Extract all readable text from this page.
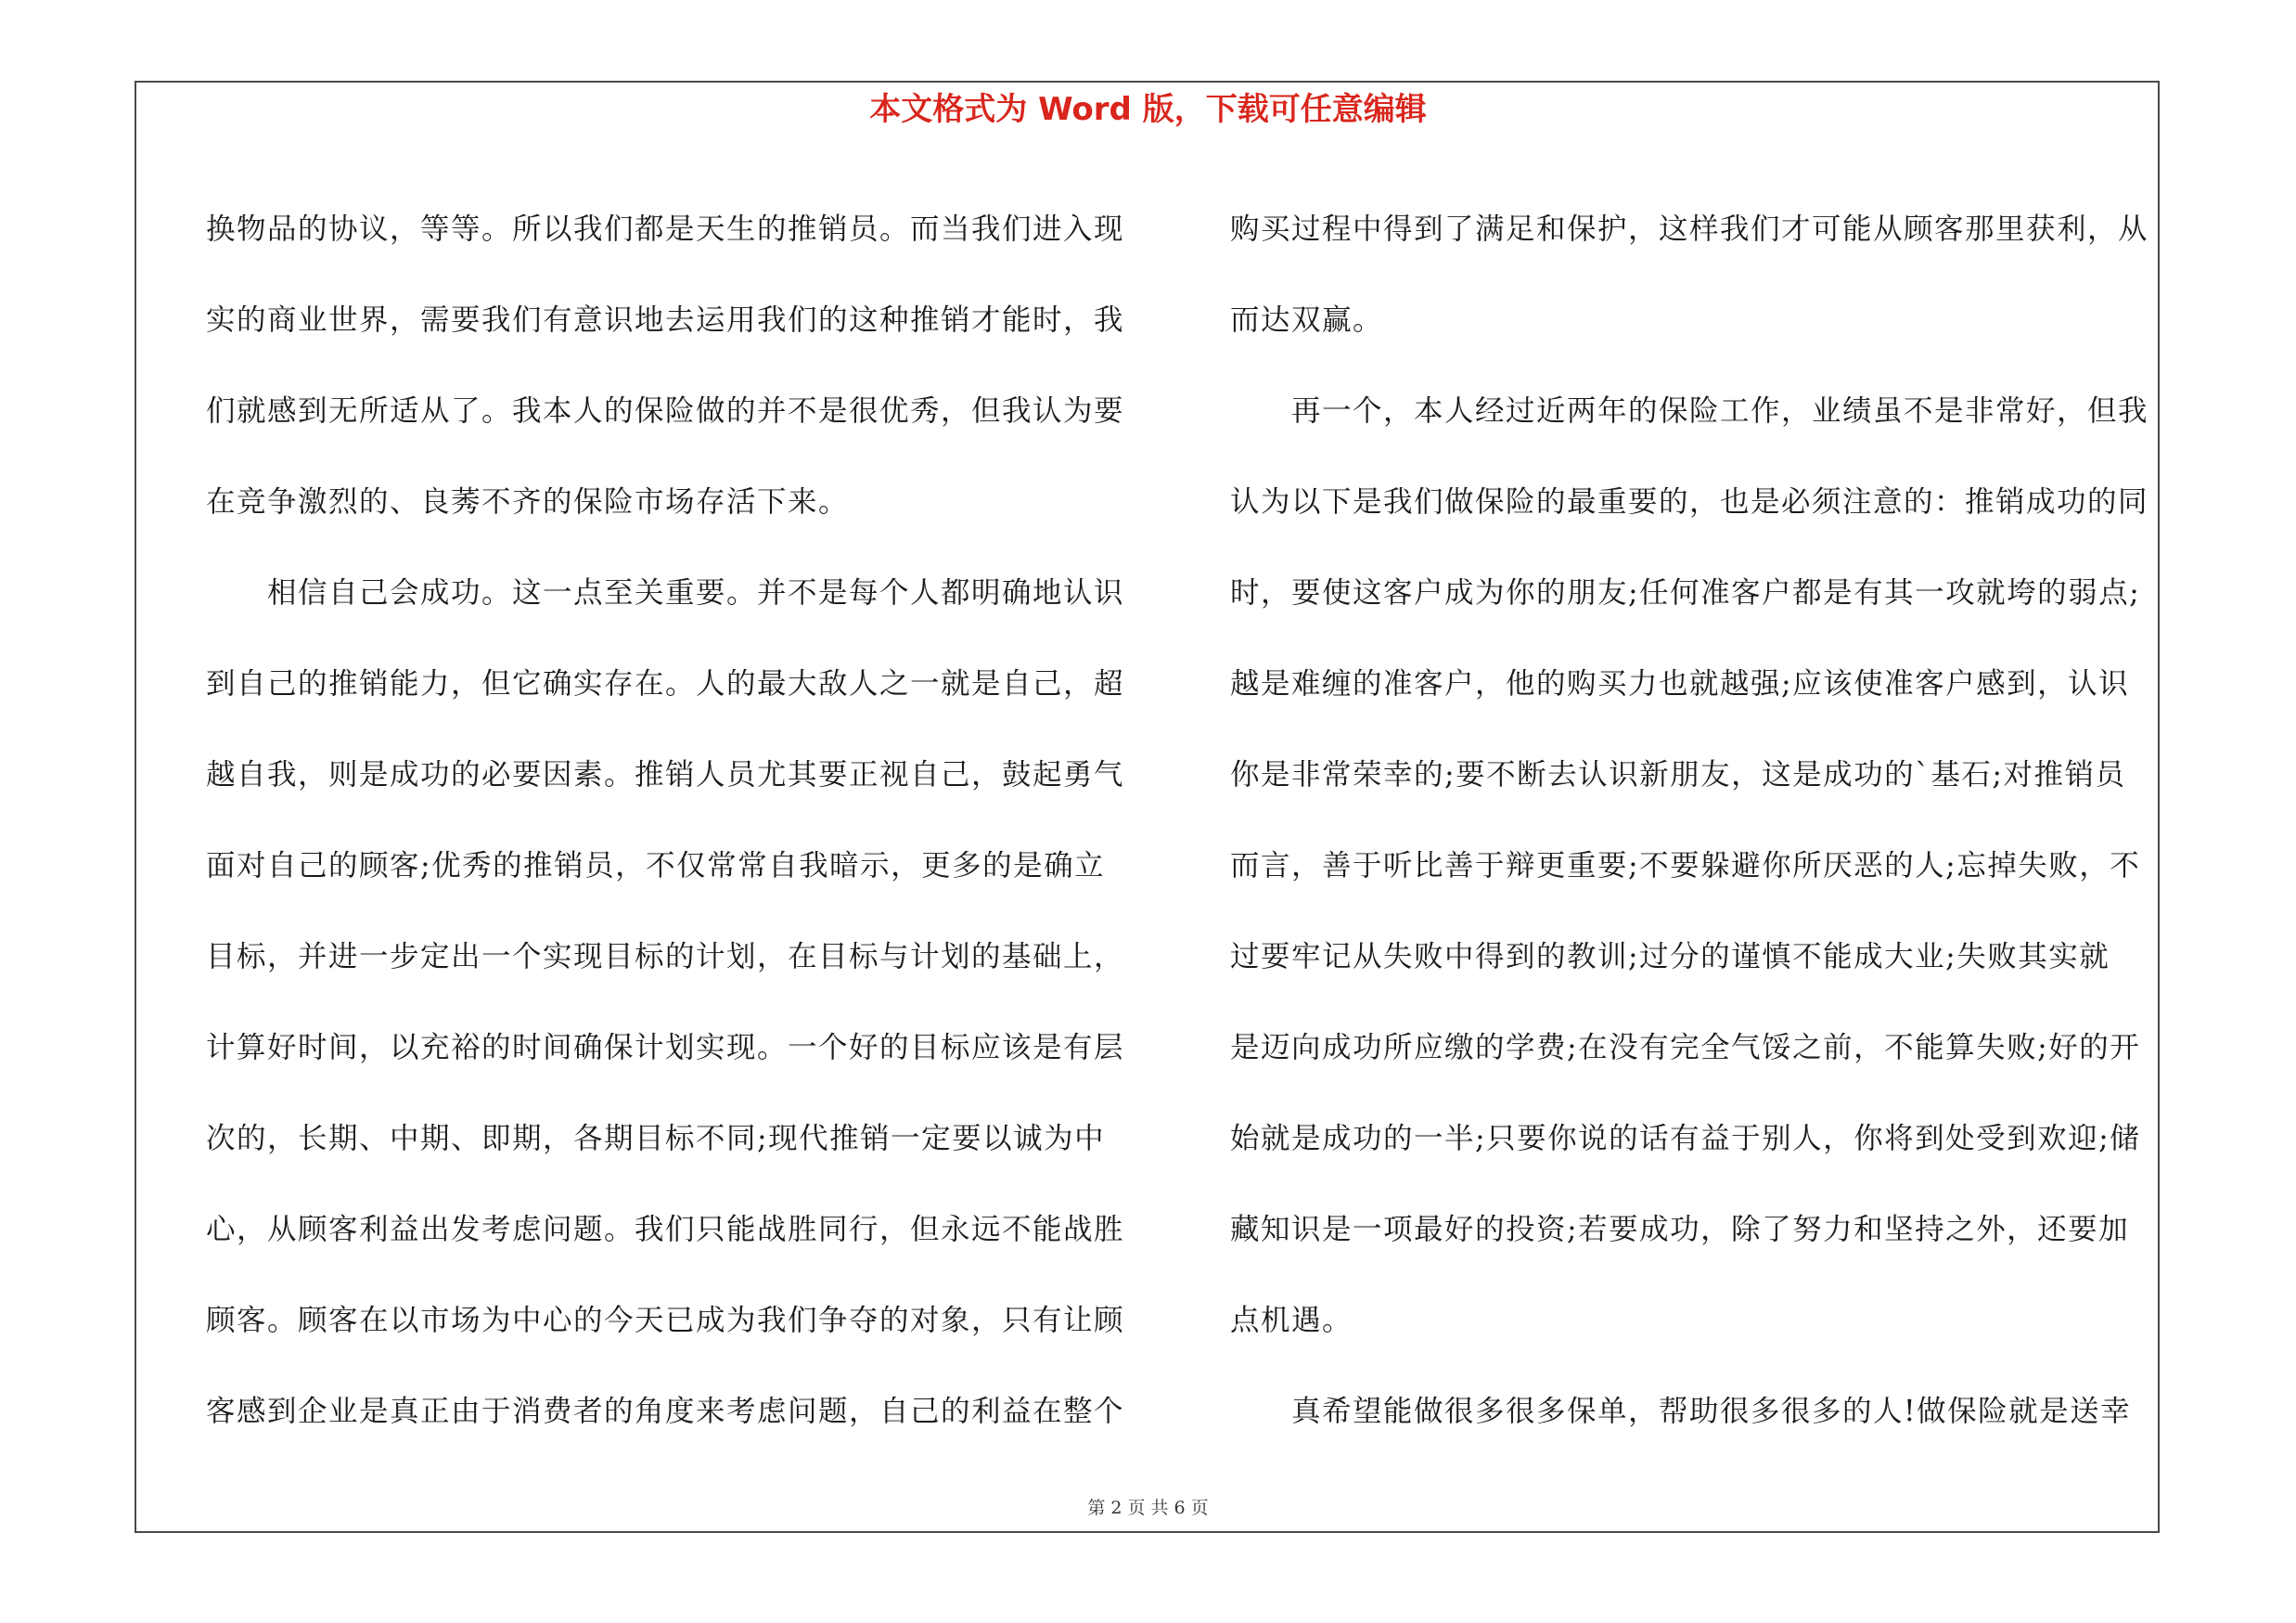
本文格式为 Word 版，下载可任意编辑
换物品的协议，等等。所以我们都是天生的推销员。而当我们进入现
实的商业世界，需要我们有意识地去运用我们的这种推销才能时，我
们就感到无所适从了。我本人的保险做的并不是很优秀，但我认为要
在竞争激烈的、良莠不齐的保险市场存活下来。
　　相信自己会成功。这一点至关重要。并不是每个人都明确地认识
到自己的推销能力，但它确实存在。人的最大敌人之一就是自己，超
越自我，则是成功的必要因素。推销人员尤其要正视自己，鼓起勇气
面对自己的顾客;优秀的推销员，不仅常常自我暗示，更多的是确立
目标，并进一步定出一个实现目标的计划，在目标与计划的基础上，
计算好时间，以充裕的时间确保计划实现。一个好的目标应该是有层
次的，长期、中期、即期，各期目标不同;现代推销一定要以诚为中
心，从顾客利益出发考虑问题。我们只能战胜同行，但永远不能战胜
顾客。顾客在以市场为中心的今天已成为我们争夺的对象，只有让顾
客感到企业是真正由于消费者的角度来考虑问题，自己的利益在整个
购买过程中得到了满足和保护，这样我们才可能从顾客那里获利，从
而达双赢。
　　再一个，本人经过近两年的保险工作，业绩虽不是非常好，但我
认为以下是我们做保险的最重要的，也是必须注意的：推销成功的同
时，要使这客户成为你的朋友;任何准客户都是有其一攻就垮的弱点;
越是难缠的准客户，他的购买力也就越强;应该使准客户感到，认识
你是非常荣幸的;要不断去认识新朋友，这是成功的`基石;对推销员
而言，善于听比善于辩更重要;不要躲避你所厌恶的人;忘掉失败，不
过要牢记从失败中得到的教训;过分的谨慎不能成大业;失败其实就
是迈向成功所应缴的学费;在没有完全气馁之前，不能算失败;好的开
始就是成功的一半;只要你说的话有益于别人，你将到处受到欢迎;储
藏知识是一项最好的投资;若要成功，除了努力和坚持之外，还要加
点机遇。
　　真希望能做很多很多保单，帮助很多很多的人!做保险就是送幸
第 2 页 共 6 页
